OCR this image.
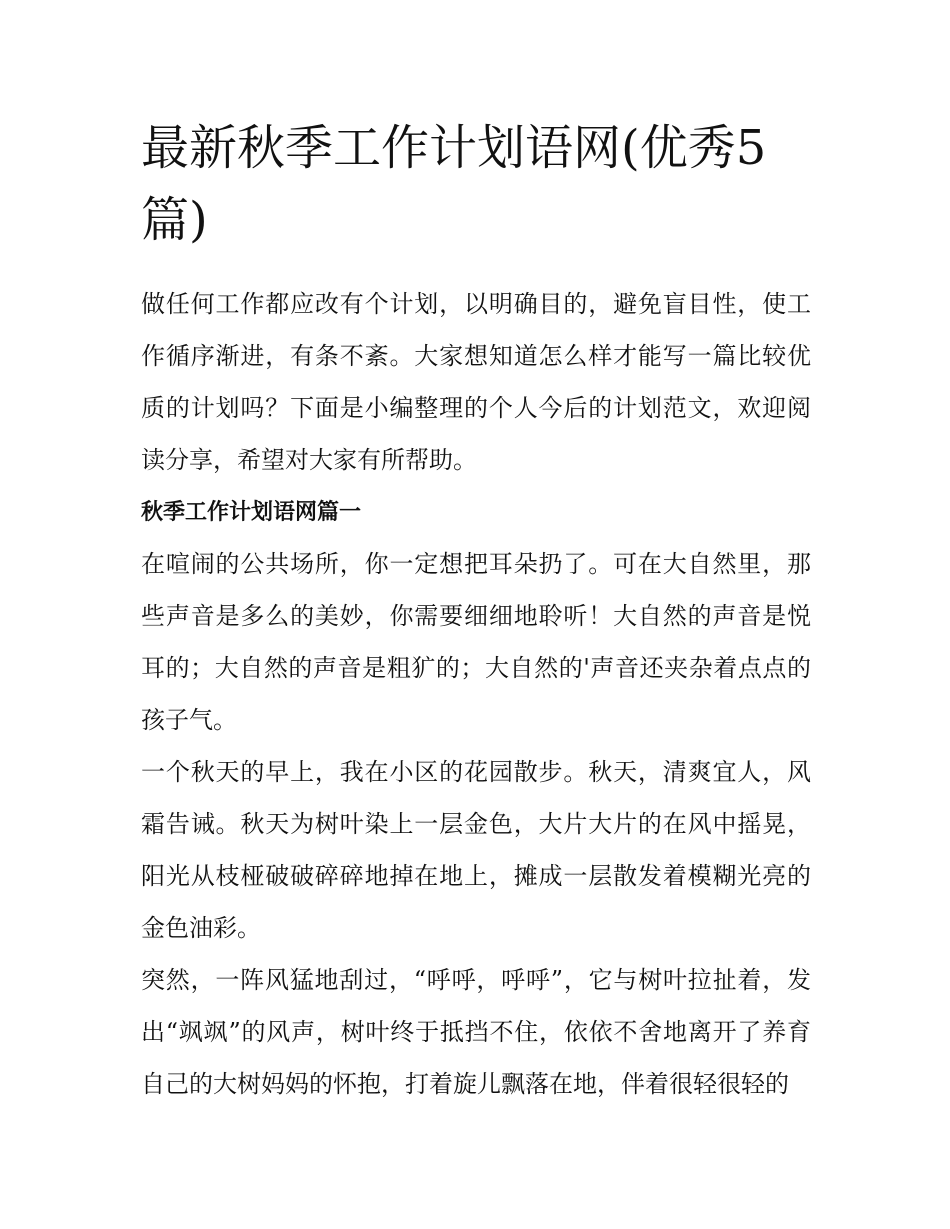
最新秋季工作计划语网(优秀5篇)

做任何工作都应改有个计划，以明确目的，避免盲目性，使工作循序渐进，有条不紊。大家想知道怎么样才能写一篇比较优质的计划吗？下面是小编整理的个人今后的计划范文，欢迎阅读分享，希望对大家有所帮助。

秋季工作计划语网篇一

在喧闹的公共场所，你一定想把耳朵扔了。可在大自然里，那些声音是多么的美妙，你需要细细地聆听！大自然的声音是悦耳的；大自然的声音是粗犷的；大自然的'声音还夹杂着点点的孩子气。

一个秋天的早上，我在小区的花园散步。秋天，清爽宜人，风霜告诫。秋天为树叶染上一层金色，大片大片的在风中摇晃，阳光从枝桠破破碎碎地掉在地上，摊成一层散发着模糊光亮的金色油彩。

突然，一阵风猛地刮过，“呼呼，呼呼”，它与树叶拉扯着，发出“飒飒”的风声，树叶终于抵挡不住，依依不舍地离开了养育自己的大树妈妈的怀抱，打着旋儿飘落在地，伴着很轻很轻的
